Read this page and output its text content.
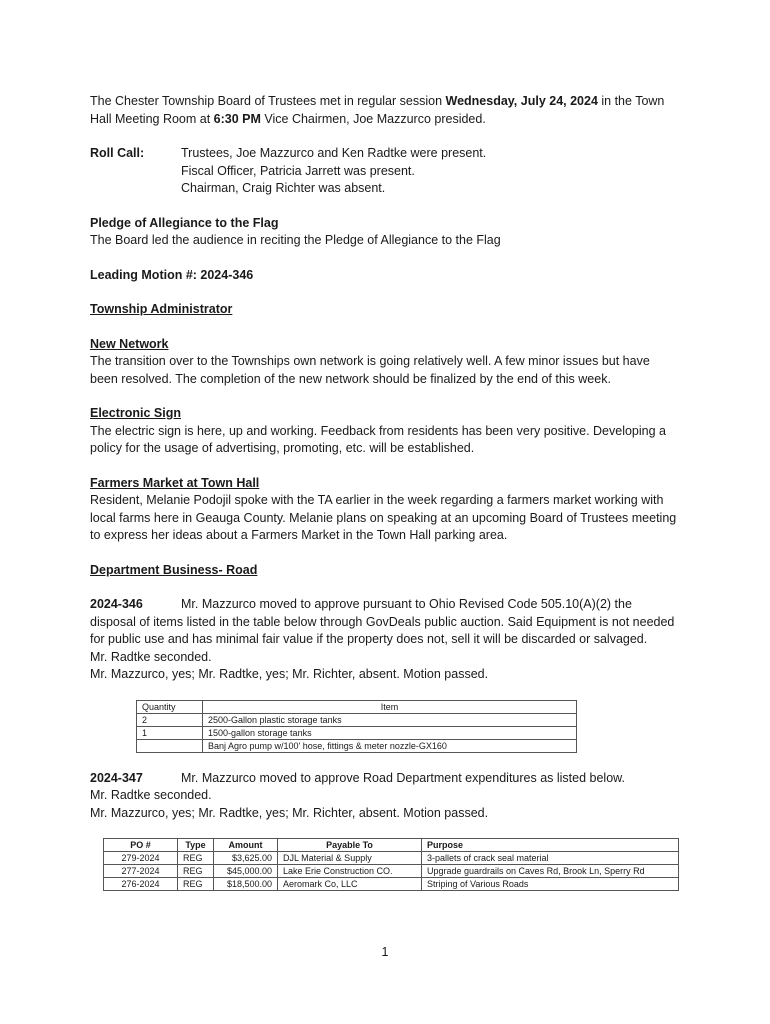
The Chester Township Board of Trustees met in regular session Wednesday, July 24, 2024 in the Town Hall Meeting Room at 6:30 PM Vice Chairmen, Joe Mazzurco presided.

Roll Call:	Trustees, Joe Mazzurco and Ken Radtke were present.

Fiscal Officer, Patricia Jarrett was present.

Chairman, Craig Richter was absent.

Pledge of Allegiance to the Flag

The Board led the audience in reciting the Pledge of Allegiance to the Flag

Leading Motion #: 2024-346

Township Administrator

New Network

The transition over to the Townships own network is going relatively well. A few minor issues but have been resolved. The completion of the new network should be finalized by the end of this week.

Electronic Sign

The electric sign is here, up and working. Feedback from residents has been very positive. Developing a policy for the usage of advertising, promoting, etc. will be established.

Farmers Market at Town Hall

Resident, Melanie Podojil spoke with the TA earlier in the week regarding a farmers market working with local farms here in Geauga County. Melanie plans on speaking at an upcoming Board of Trustees meeting to express her ideas about a Farmers Market in the Town Hall parking area.

Department Business- Road

2024-346	Mr. Mazzurco moved to approve pursuant to Ohio Revised Code 505.10(A)(2) the disposal of items listed in the table below through GovDeals public auction. Said Equipment is not needed for public use and has minimal fair value if the property does not, sell it will be discarded or salvaged.

Mr. Radtke seconded.

Mr. Mazzurco, yes; Mr. Radtke, yes; Mr. Richter, absent. Motion passed.

Quantity	Item
2	2500-Gallon plastic storage tanks
1	1500-gallon storage tanks
	Banj Agro pump w/100' hose, fittings & meter nozzle-GX160

2024-347	Mr. Mazzurco moved to approve Road Department expenditures as listed below.

Mr. Radtke seconded.

Mr. Mazzurco, yes; Mr. Radtke, yes; Mr. Richter, absent. Motion passed.

PO #	Type	Amount	Payable To	Purpose
279-2024	REG	$3,625.00	DJL Material & Supply	3-pallets of crack seal material
277-2024	REG	$45,000.00	Lake Erie Construction CO.	Upgrade guardrails on Caves Rd, Brook Ln, Sperry Rd
276-2024	REG	$18,500.00	Aeromark Co, LLC	Striping of Various Roads
1
